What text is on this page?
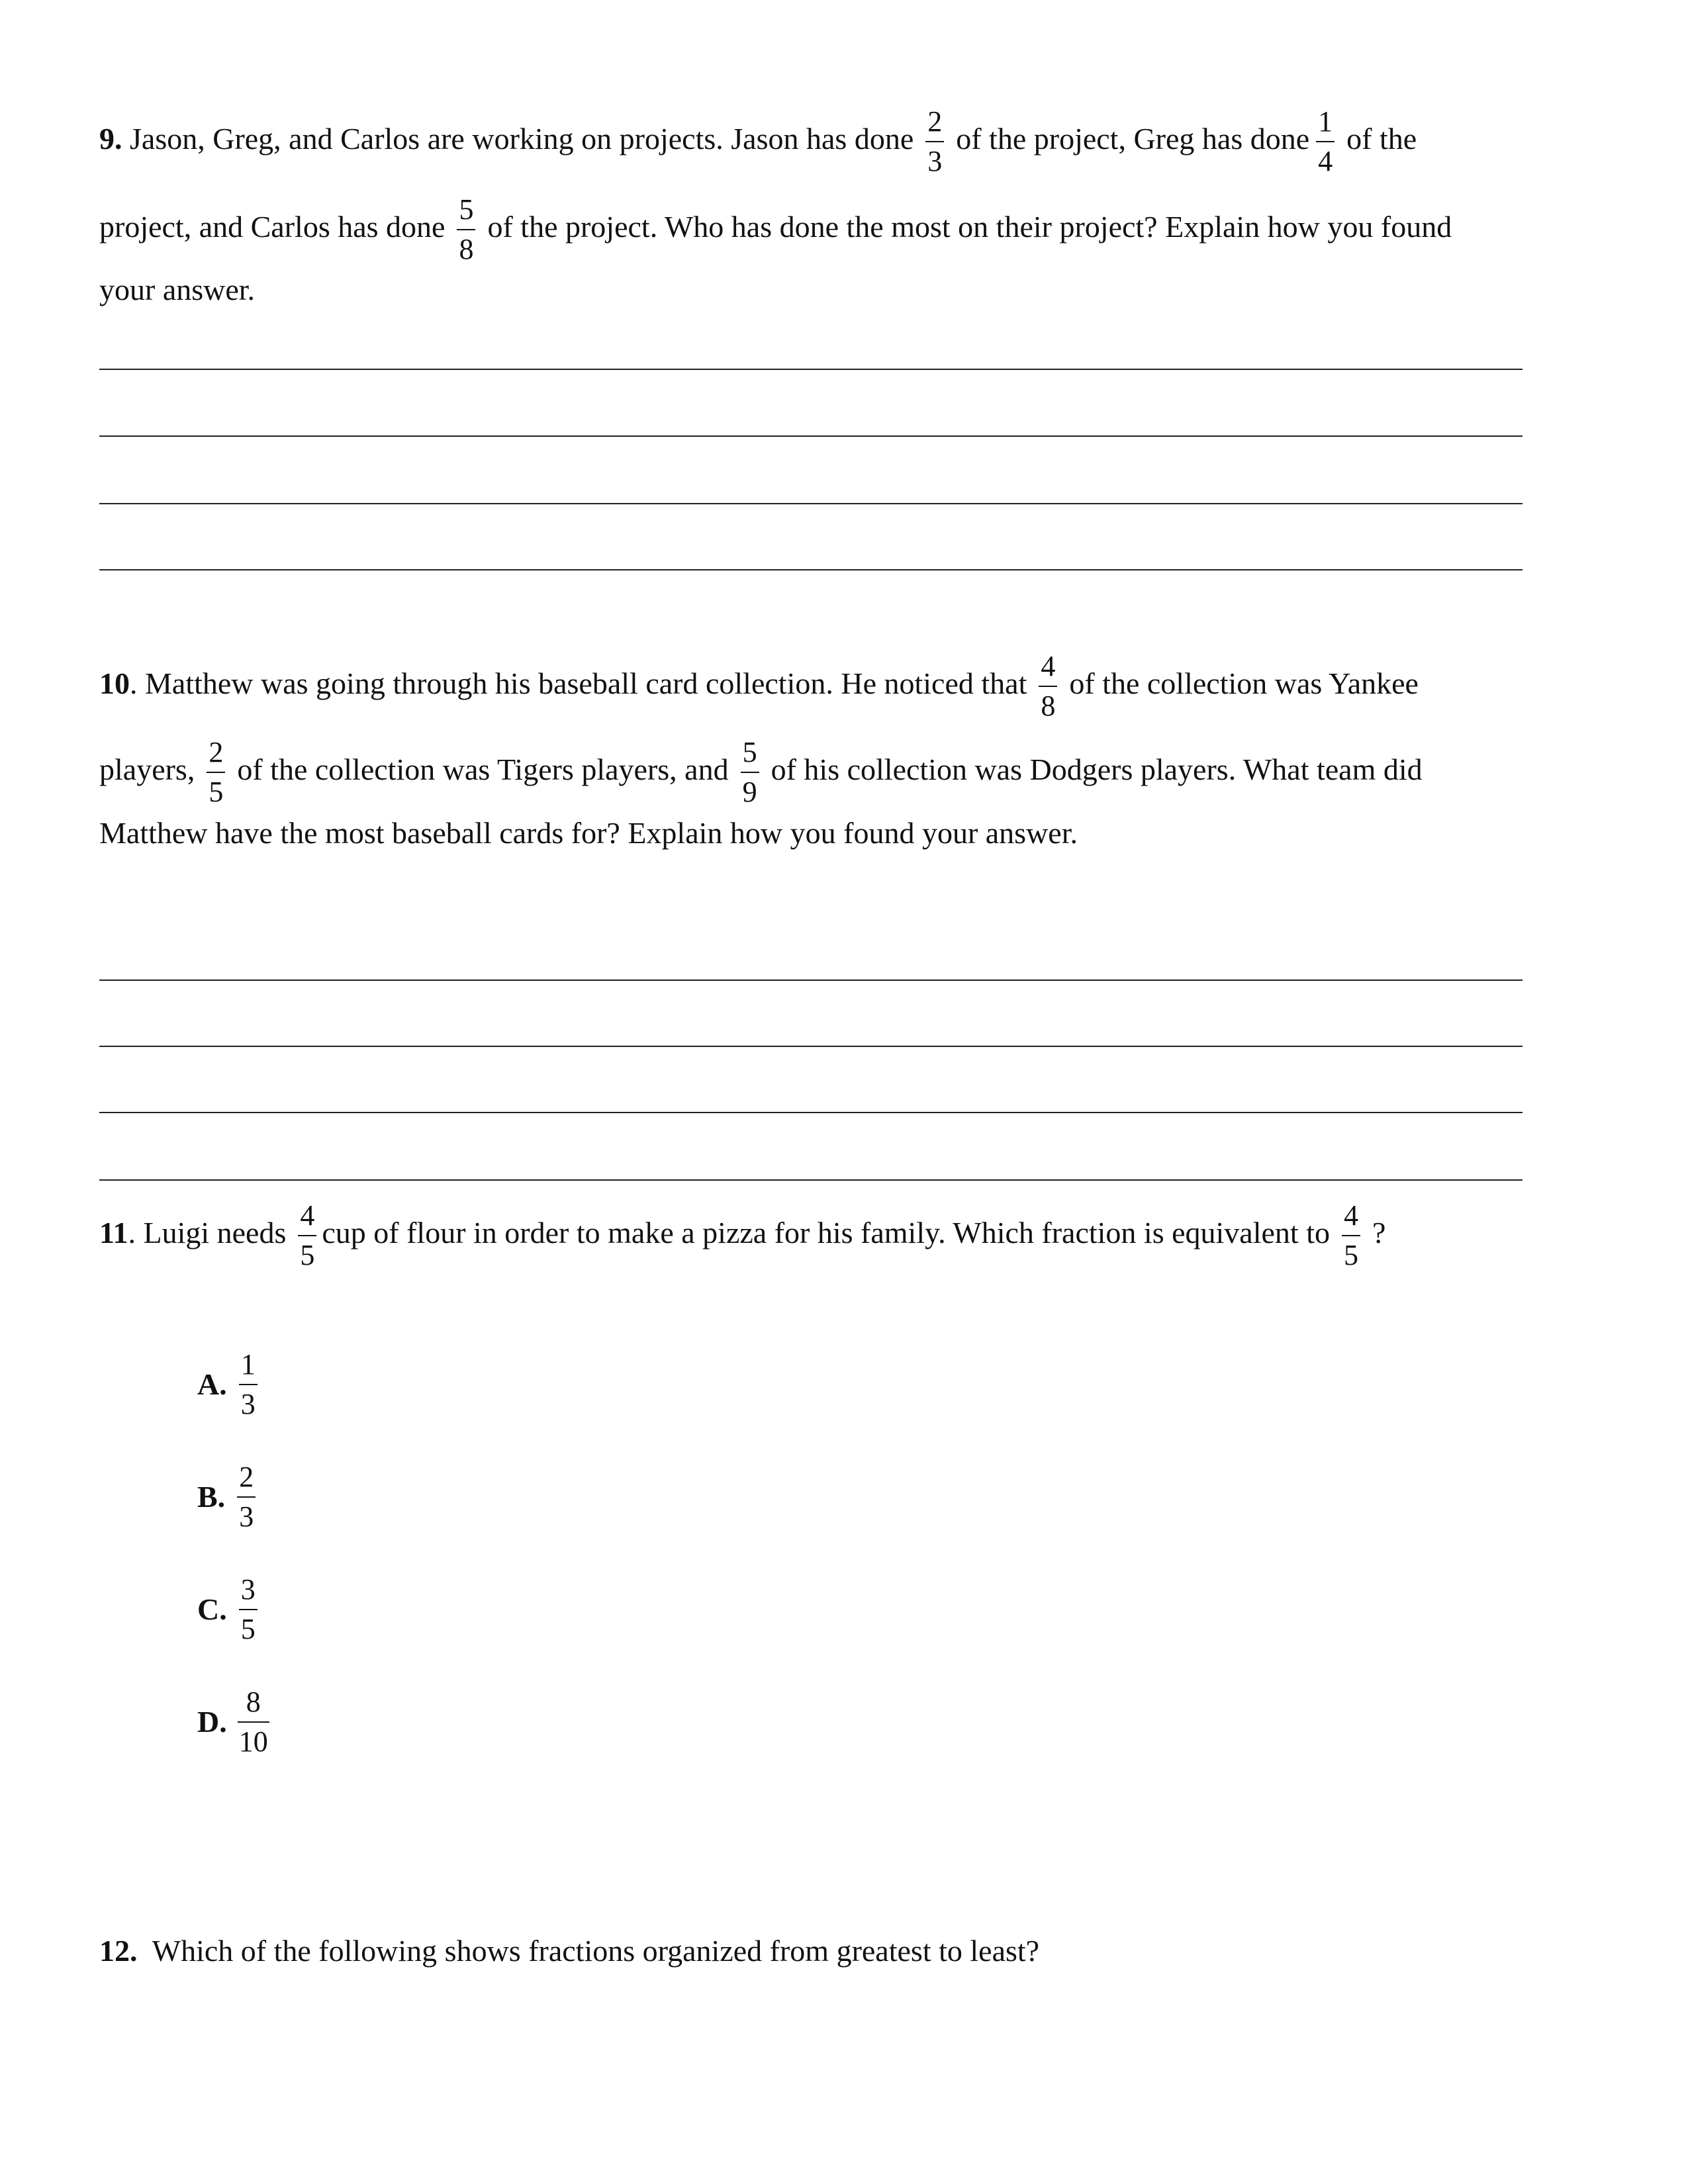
9. Jason, Greg, and Carlos are working on projects. Jason has done $\frac{2}{3}$ of the project, Greg has done $\frac{1}{4}$ of the
project, and Carlos has done $\frac{5}{8}$ of the project. Who has done the most on their project? Explain how you found
your answer.
10. Matthew was going through his baseball card collection. He noticed that $\frac{4}{8}$ of the collection was Yankee
players, $\frac{2}{5}$ of the collection was Tigers players, and $\frac{5}{9}$ of his collection was Dodgers players. What team did
Matthew have the most baseball cards for? Explain how you found your answer.
11. Luigi needs $\frac{4}{5}$ cup of flour in order to make a pizza for his family. Which fraction is equivalent to $\frac{4}{5}$ ?
A. $\frac{1}{3}$
B. $\frac{2}{3}$
C. $\frac{3}{5}$
D. $\frac{8}{10}$
12. Which of the following shows fractions organized from greatest to least?
